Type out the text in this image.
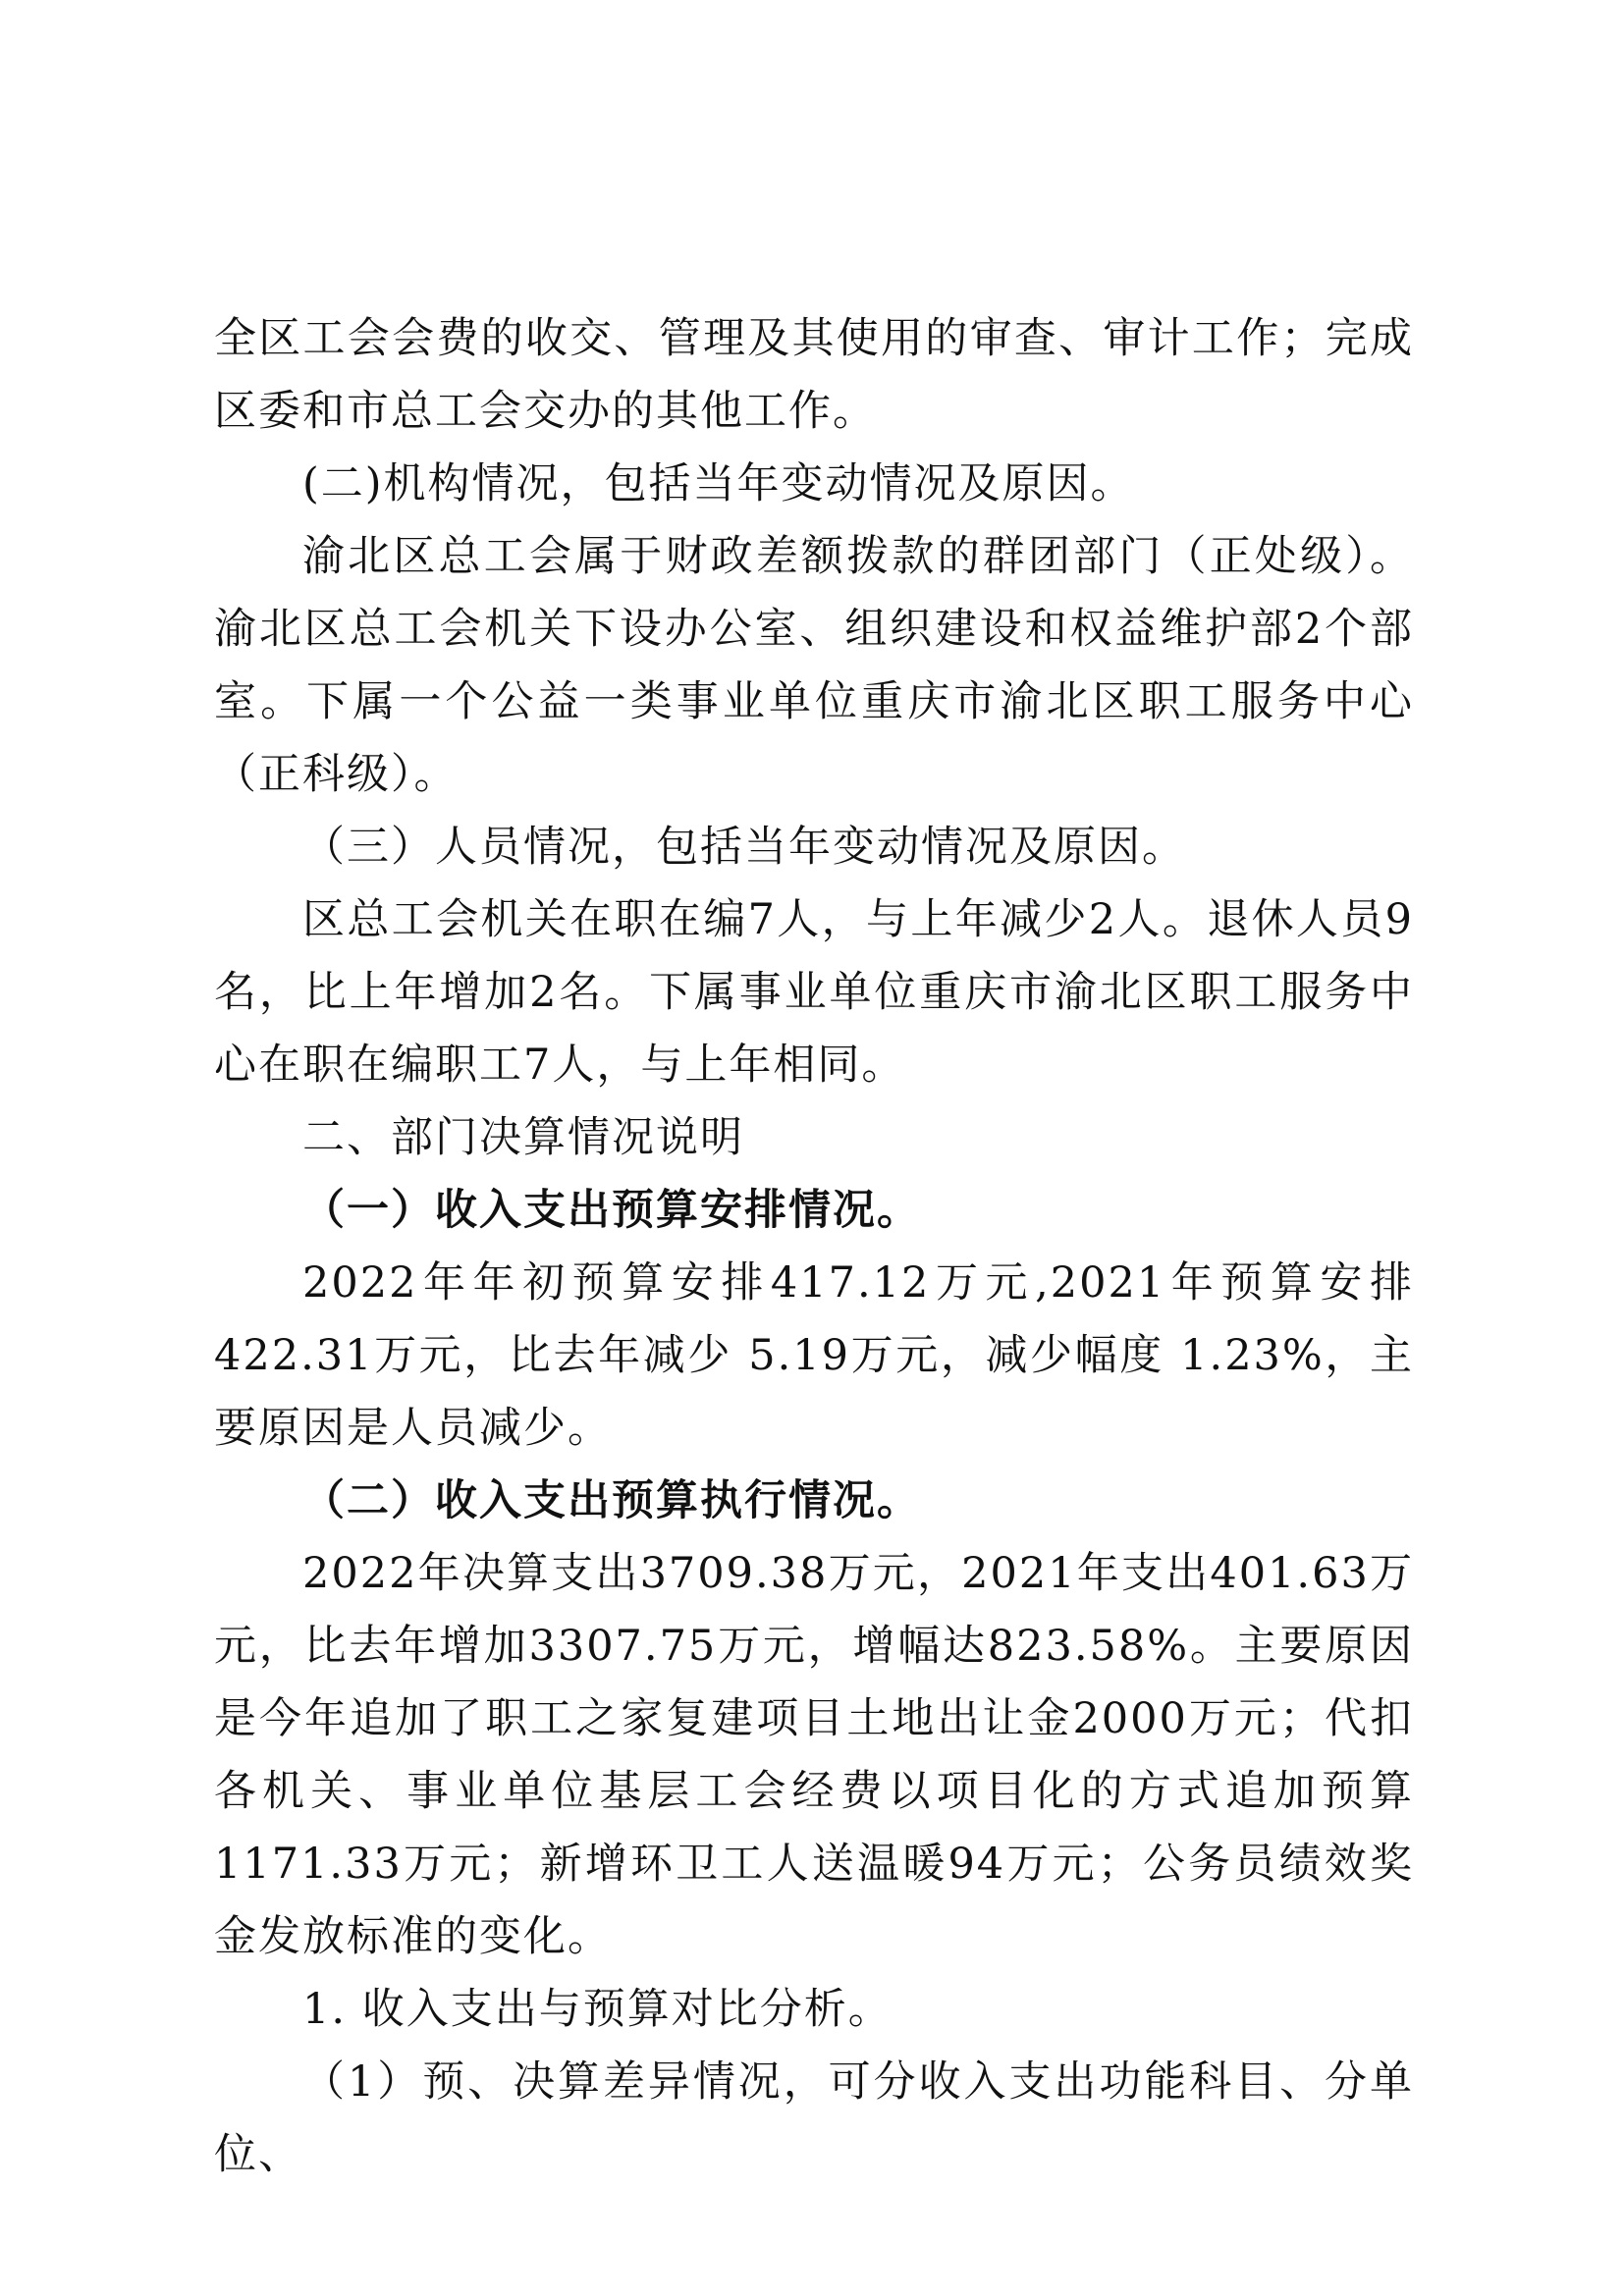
全区工会会费的收交、管理及其使用的审查、审计工作；完成区委和市总工会交办的其他工作。

(二)机构情况，包括当年变动情况及原因。

渝北区总工会属于财政差额拨款的群团部门（正处级）。渝北区总工会机关下设办公室、组织建设和权益维护部2个部室。下属一个公益一类事业单位重庆市渝北区职工服务中心（正科级）。

（三）人员情况，包括当年变动情况及原因。

区总工会机关在职在编7人，与上年减少2人。退休人员9名，比上年增加2名。下属事业单位重庆市渝北区职工服务中心在职在编职工7人，与上年相同。

二、部门决算情况说明

（一）收入支出预算安排情况。

2022年年初预算安排417.12万元,2021年预算安排422.31万元，比去年减少 5.19万元，减少幅度 1.23%，主要原因是人员减少。

（二）收入支出预算执行情况。

2022年决算支出3709.38万元，2021年支出401.63万元，比去年增加3307.75万元，增幅达823.58%。主要原因是今年追加了职工之家复建项目土地出让金2000万元；代扣各机关、事业单位基层工会经费以项目化的方式追加预算1171.33万元；新增环卫工人送温暖94万元；公务员绩效奖金发放标准的变化。

1. 收入支出与预算对比分析。

（1）预、决算差异情况，可分收入支出功能科目、分单位、
